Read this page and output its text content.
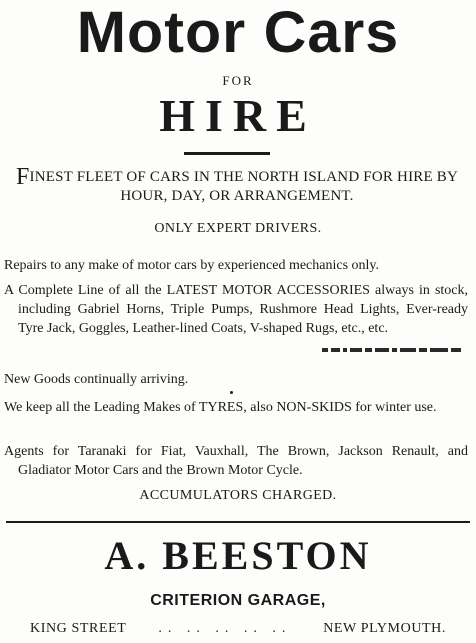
Motor Cars
FOR
HIRE
FINEST FLEET OF CARS IN THE NORTH ISLAND FOR HIRE BY HOUR, DAY, OR ARRANGEMENT.
ONLY EXPERT DRIVERS.
Repairs to any make of motor cars by experienced mechanics only.
A Complete Line of all the LATEST MOTOR ACCESSORIES always in stock, including Gabriel Horns, Triple Pumps, Rushmore Head Lights, Ever-ready Tyre Jack, Goggles, Leather-lined Coats, V-shaped Rugs, etc., etc.
New Goods continually arriving.
We keep all the Leading Makes of TYRES, also NON-SKIDS for winter use.
Agents for Taranaki for Fiat, Vauxhall, The Brown, Jackson Renault, and Gladiator Motor Cars and the Brown Motor Cycle.
ACCUMULATORS CHARGED.
A. BEESTON
CRITERION GARAGE,
KING STREET .. .. .. .. .. NEW PLYMOUTH.
